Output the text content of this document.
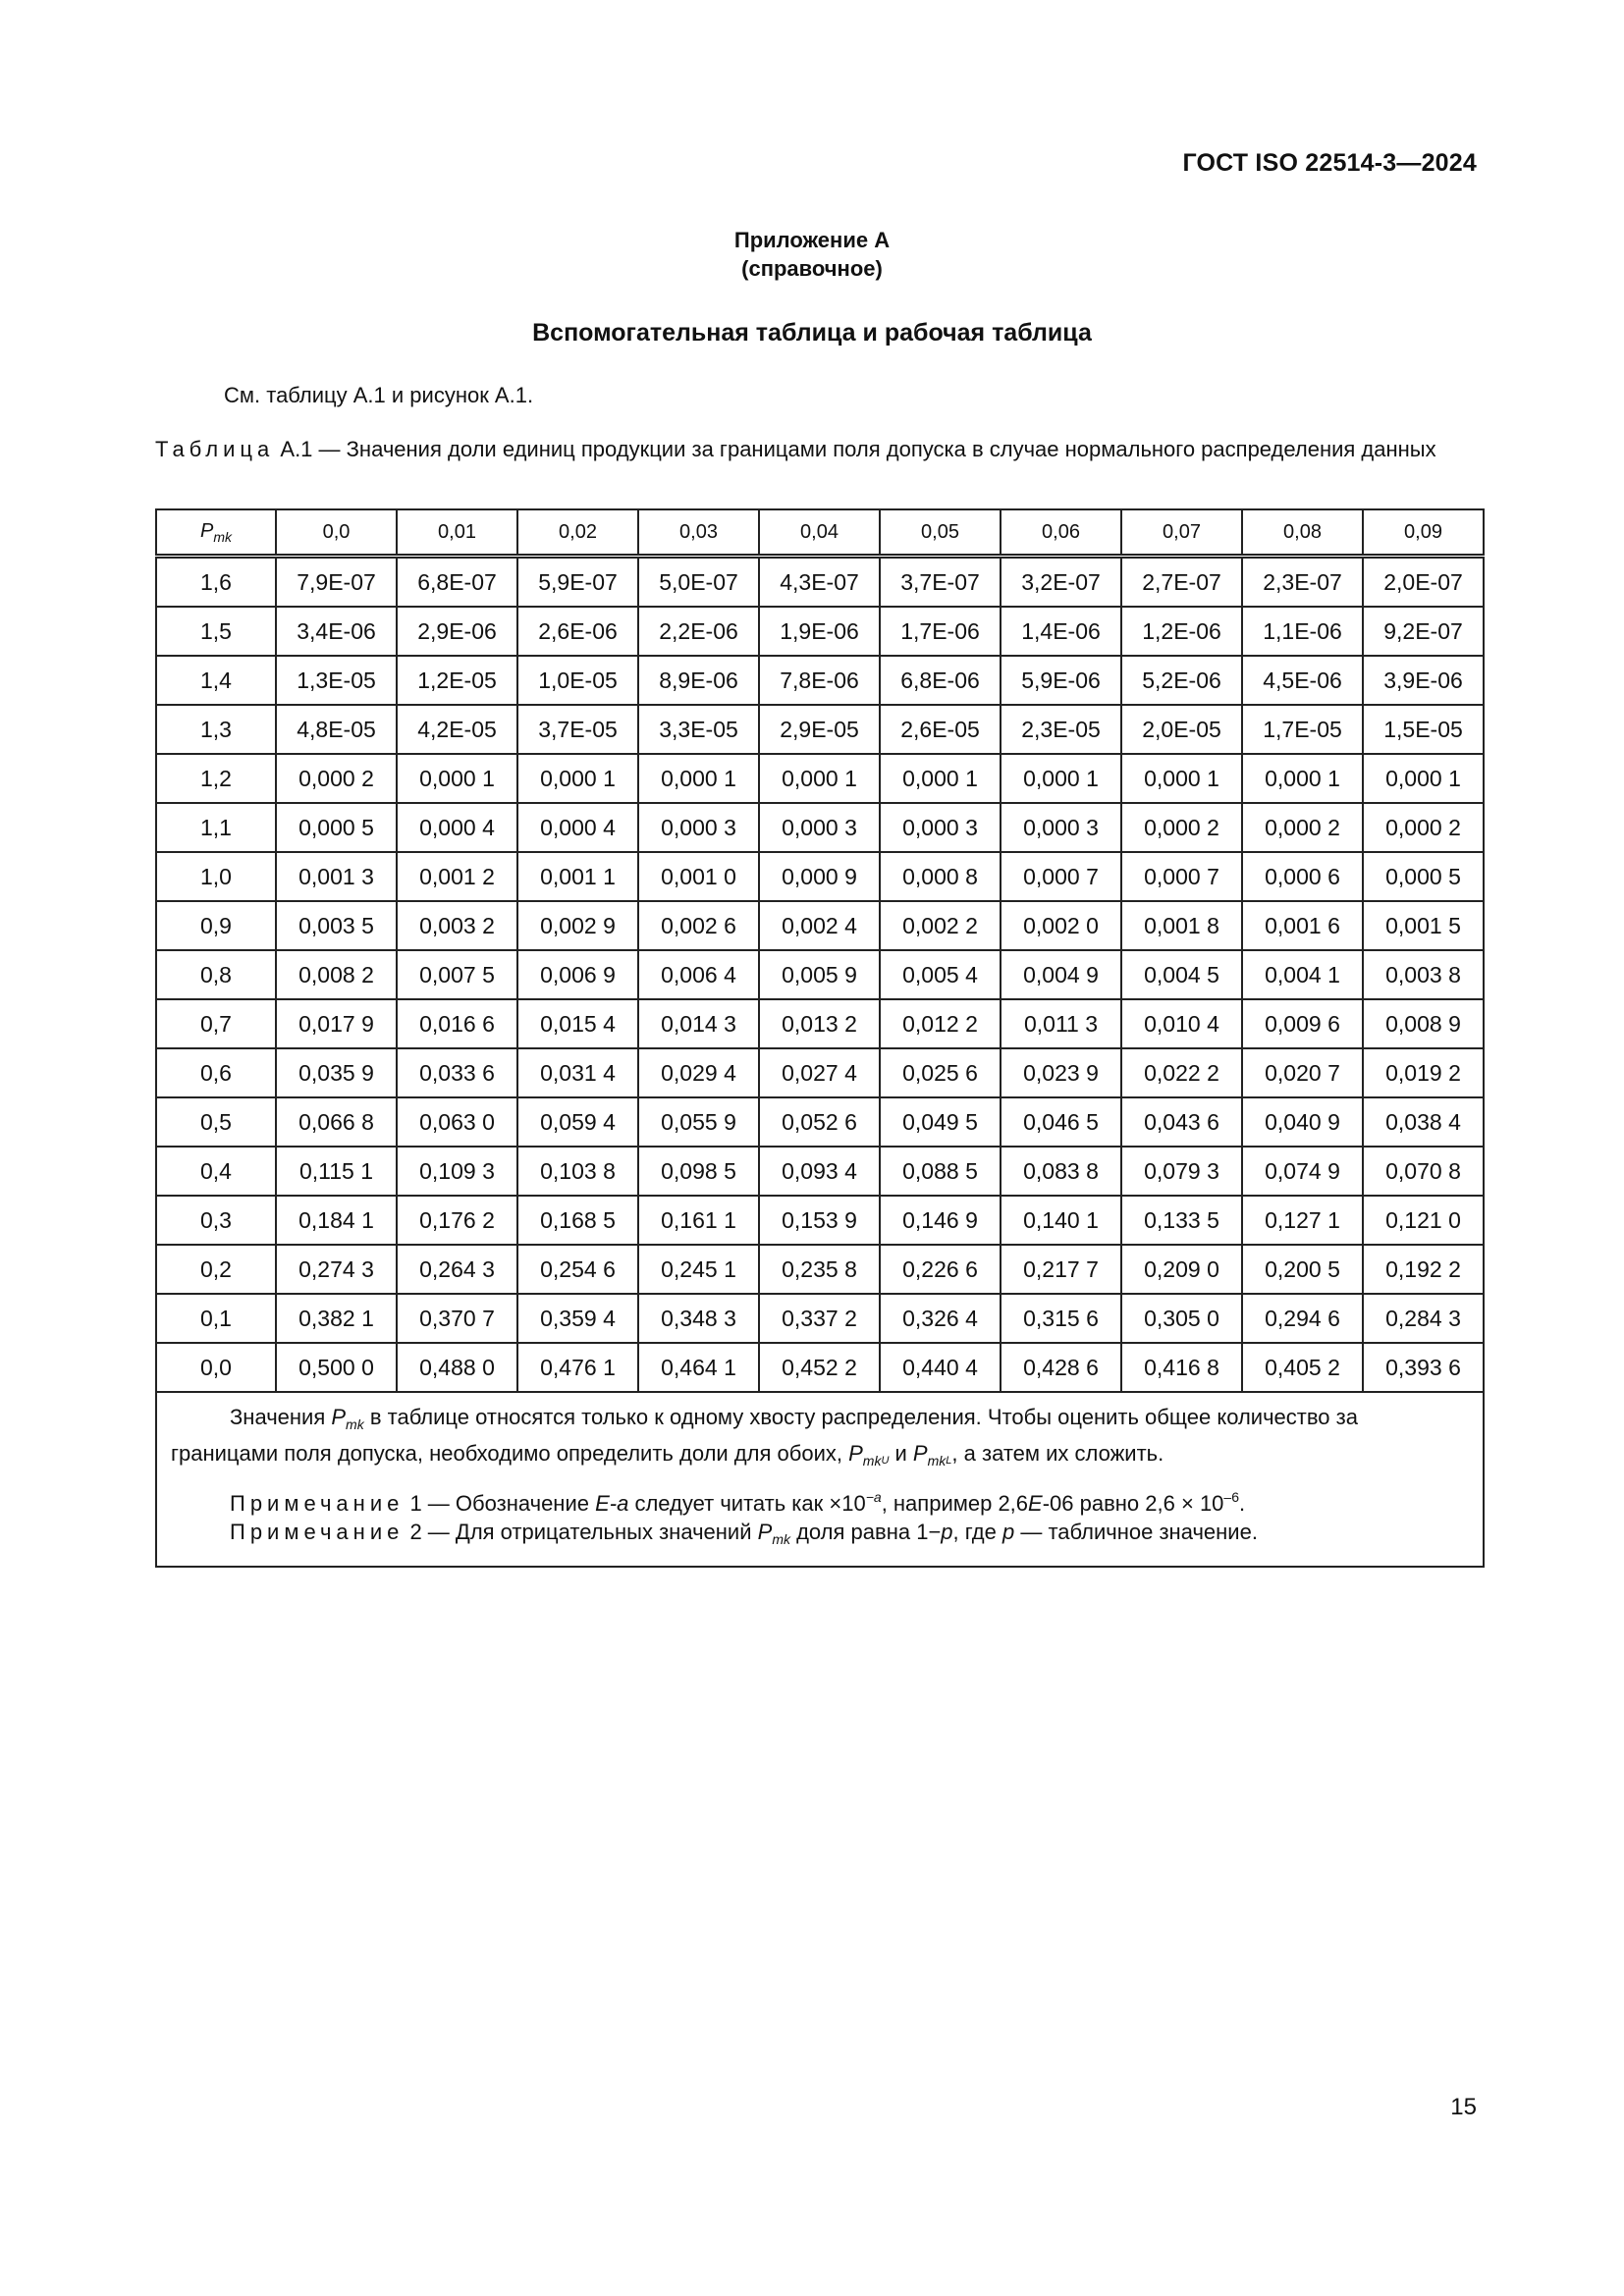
ГОСТ ISO 22514-3—2024
Приложение А
(справочное)
Вспомогательная таблица и рабочая таблица
См. таблицу А.1 и рисунок А.1.
Таблица А.1 — Значения доли единиц продукции за границами поля допуска в случае нормального распределения данных
$P_{mk}$	0,0	0,01	0,02	0,03	0,04	0,05	0,06	0,07	0,08	0,09
1,6	7,9E-07	6,8E-07	5,9E-07	5,0E-07	4,3E-07	3,7E-07	3,2E-07	2,7E-07	2,3E-07	2,0E-07
1,5	3,4E-06	2,9E-06	2,6E-06	2,2E-06	1,9E-06	1,7E-06	1,4E-06	1,2E-06	1,1E-06	9,2E-07
1,4	1,3E-05	1,2E-05	1,0E-05	8,9E-06	7,8E-06	6,8E-06	5,9E-06	5,2E-06	4,5E-06	3,9E-06
1,3	4,8E-05	4,2E-05	3,7E-05	3,3E-05	2,9E-05	2,6E-05	2,3E-05	2,0E-05	1,7E-05	1,5E-05
1,2	0,000 2	0,000 1	0,000 1	0,000 1	0,000 1	0,000 1	0,000 1	0,000 1	0,000 1	0,000 1
1,1	0,000 5	0,000 4	0,000 4	0,000 3	0,000 3	0,000 3	0,000 3	0,000 2	0,000 2	0,000 2
1,0	0,001 3	0,001 2	0,001 1	0,001 0	0,000 9	0,000 8	0,000 7	0,000 7	0,000 6	0,000 5
0,9	0,003 5	0,003 2	0,002 9	0,002 6	0,002 4	0,002 2	0,002 0	0,001 8	0,001 6	0,001 5
0,8	0,008 2	0,007 5	0,006 9	0,006 4	0,005 9	0,005 4	0,004 9	0,004 5	0,004 1	0,003 8
0,7	0,017 9	0,016 6	0,015 4	0,014 3	0,013 2	0,012 2	0,011 3	0,010 4	0,009 6	0,008 9
0,6	0,035 9	0,033 6	0,031 4	0,029 4	0,027 4	0,025 6	0,023 9	0,022 2	0,020 7	0,019 2
0,5	0,066 8	0,063 0	0,059 4	0,055 9	0,052 6	0,049 5	0,046 5	0,043 6	0,040 9	0,038 4
0,4	0,115 1	0,109 3	0,103 8	0,098 5	0,093 4	0,088 5	0,083 8	0,079 3	0,074 9	0,070 8
0,3	0,184 1	0,176 2	0,168 5	0,161 1	0,153 9	0,146 9	0,140 1	0,133 5	0,127 1	0,121 0
0,2	0,274 3	0,264 3	0,254 6	0,245 1	0,235 8	0,226 6	0,217 7	0,209 0	0,200 5	0,192 2
0,1	0,382 1	0,370 7	0,359 4	0,348 3	0,337 2	0,326 4	0,315 6	0,305 0	0,294 6	0,284 3
0,0	0,500 0	0,488 0	0,476 1	0,464 1	0,452 2	0,440 4	0,428 6	0,416 8	0,405 2	0,393 6

Значения $P_{mk}$ в таблице относятся только к одному хвосту распределения. Чтобы оценить общее количество за границами поля допуска, необходимо определить доли для обоих, $P_{mkU}$ и $P_{mkL}$, а затем их сложить.
Примечание 1 — Обозначение E-a следует читать как $\times 10^{-a}$, например 2,6E-06 равно $2,6 \times 10^{-6}$.
Примечание 2 — Для отрицательных значений $P_{mk}$ доля равна 1−p, где p — табличное значение.										
15
